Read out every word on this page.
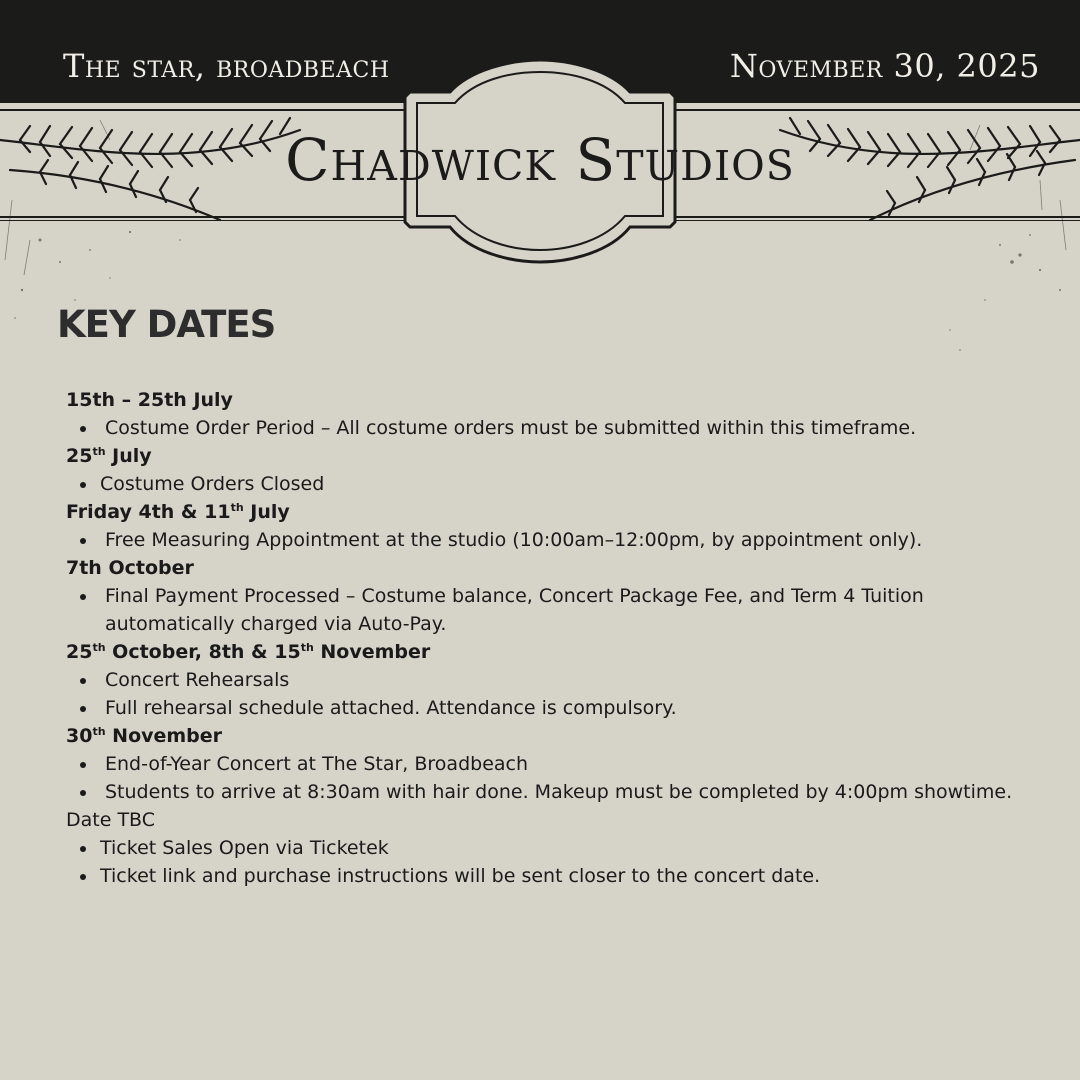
The star, broadbeach	November 30, 2025
Chadwick Studios
KEY DATES
15th – 25th July
Costume Order Period – All costume orders must be submitted within this timeframe.
25th July
Costume Orders Closed
Friday 4th & 11th July
Free Measuring Appointment at the studio (10:00am–12:00pm, by appointment only).
7th October
Final Payment Processed – Costume balance, Concert Package Fee, and Term 4 Tuition automatically charged via Auto-Pay.
25th October, 8th & 15th November
Concert Rehearsals
Full rehearsal schedule attached. Attendance is compulsory.
30th November
End-of-Year Concert at The Star, Broadbeach
Students to arrive at 8:30am with hair done. Makeup must be completed by 4:00pm showtime.
Date TBC
Ticket Sales Open via Ticketek
Ticket link and purchase instructions will be sent closer to the concert date.
